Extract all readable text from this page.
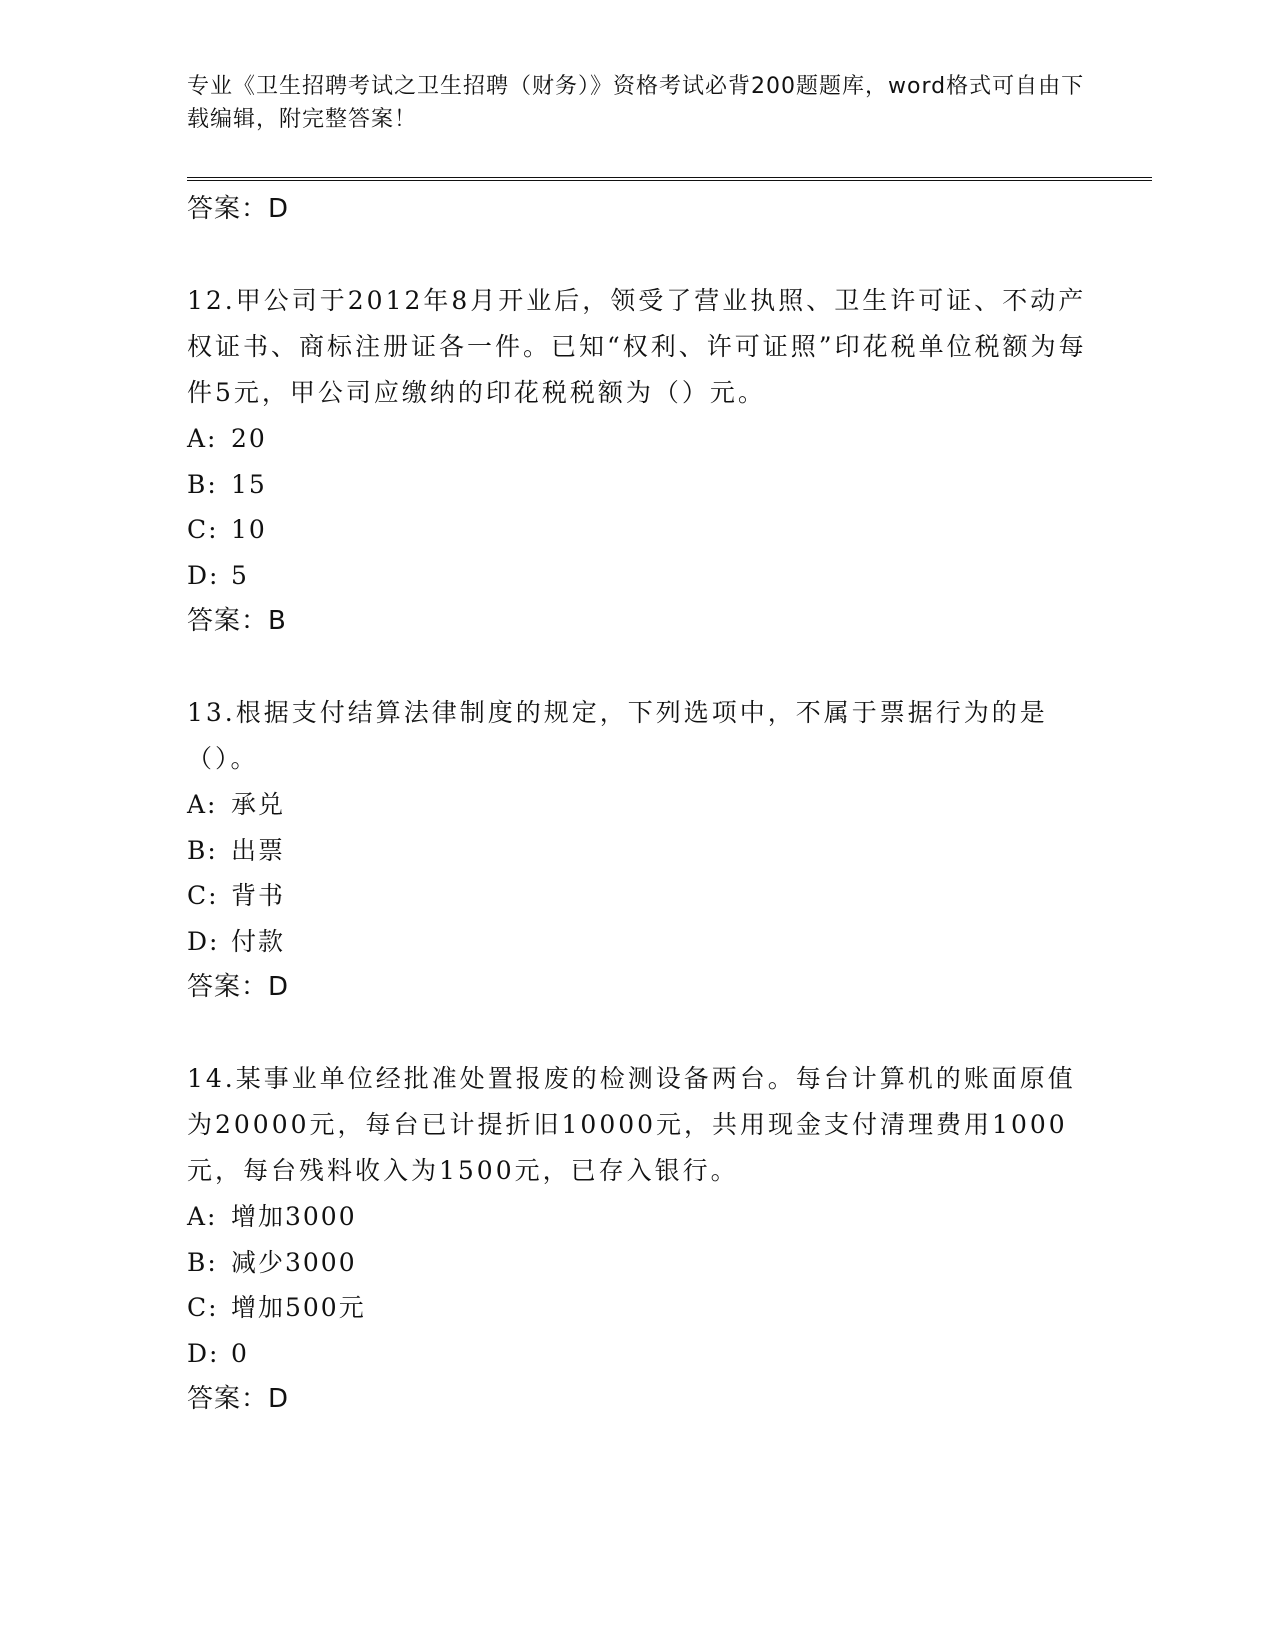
专业《卫生招聘考试之卫生招聘（财务）》资格考试必背200题题库，word格式可自由下载编辑，附完整答案！
答案：D
12.甲公司于2012年8月开业后，领受了营业执照、卫生许可证、不动产权证书、商标注册证各一件。已知“权利、许可证照”印花税单位税额为每件5元，甲公司应缴纳的印花税税额为（）元。
A: 20
B: 15
C: 10
D: 5
答案：B
13.根据支付结算法律制度的规定，下列选项中，不属于票据行为的是（）。
A: 承兑
B: 出票
C: 背书
D: 付款
答案：D
14.某事业单位经批准处置报废的检测设备两台。每台计算机的账面原值为20000元，每台已计提折旧10000元，共用现金支付清理费用1000元，每台残料收入为1500元，已存入银行。
A: 增加3000
B: 减少3000
C: 增加500元
D: 0
答案：D
